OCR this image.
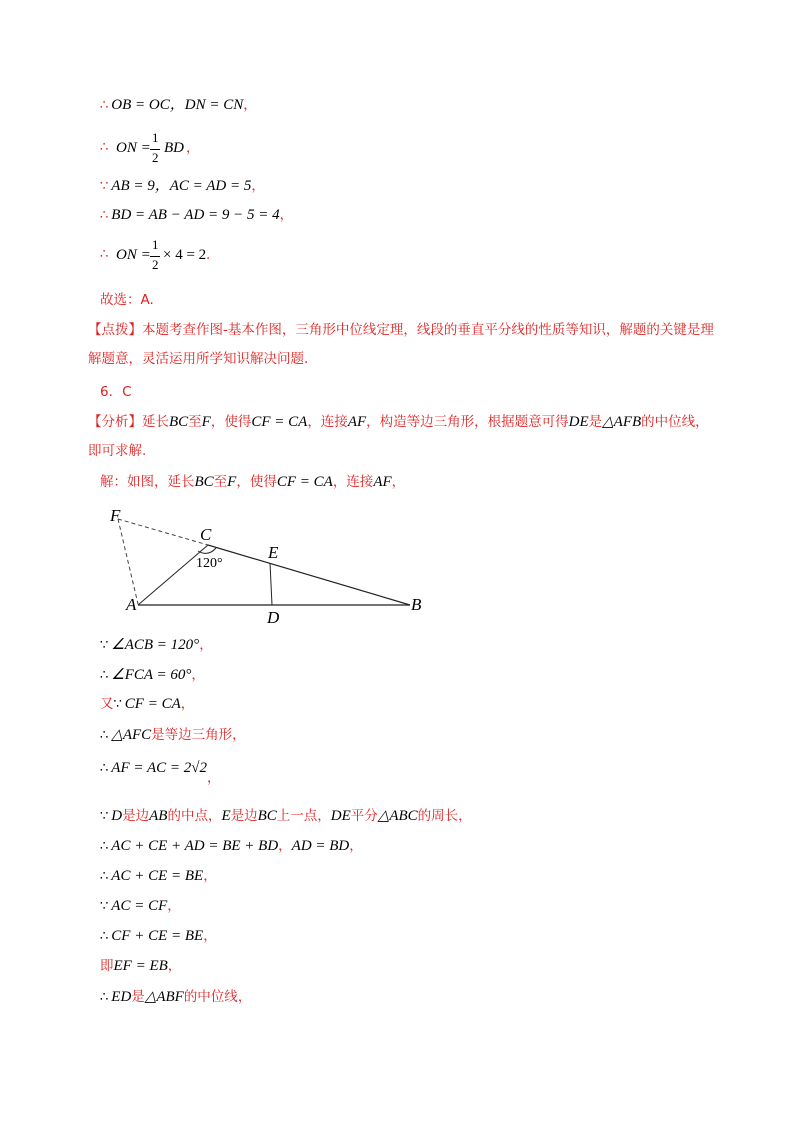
∴ OB = OC，DN = CN，
∴ ON =
1
2
BD ，
∵ AB = 9，AC = AD = 5，
∴ BD = AB − AD = 9 − 5 = 4，
∴ ON =
1
2
× 4 = 2 .
故选：A.
【点拨】本题考查作图-基本作图，三角形中位线定理，线段的垂直平分线的性质等知识，解题的关键是理解题意，灵活运用所学知识解决问题.
6．C
【分析】延长BC至F，使得CF = CA，连接AF，构造等边三角形，根据题意可得DE是△AFB的中位线，即可求解.
解：如图，延长BC至F，使得CF = CA，连接AF，
F
C
E
A
D
B
120°
∵ ∠ACB = 120°，
∴ ∠FCA = 60°，
又∵ CF = CA，
∴ △AFC是等边三角形，
∴ AF = AC = 2√2，
∵ D是边AB的中点，E是边BC上一点，DE平分△ABC的周长，
∴ AC + CE + AD = BE + BD，AD = BD，
∴ AC + CE = BE，
∵ AC = CF，
∴ CF + CE = BE，
即EF = EB，
∴ ED是△ABF的中位线，
